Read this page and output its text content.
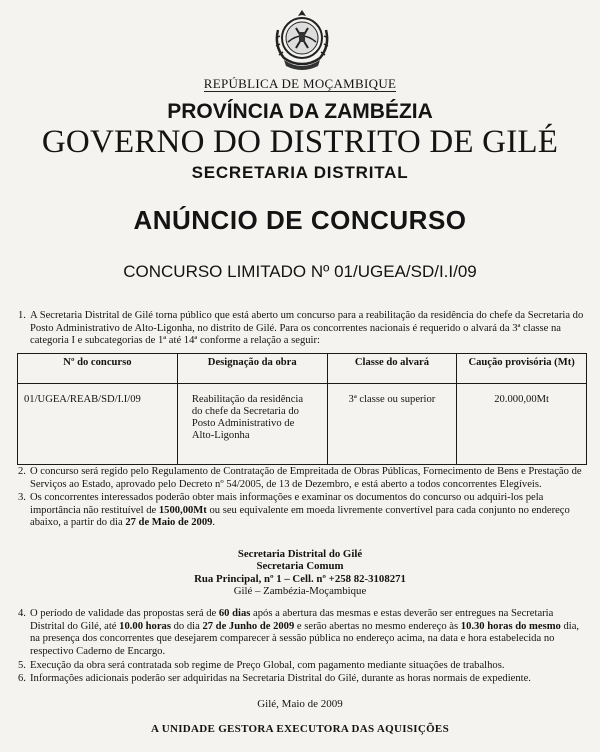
REPÚBLICA DE MOÇAMBIQUE
PROVÍNCIA DA ZAMBÉZIA
GOVERNO DO DISTRITO DE GILÉ
SECRETARIA DISTRITAL
ANÚNCIO DE CONCURSO
CONCURSO LIMITADO Nº 01/UGEA/SD/I.I/09
1. A Secretaria Distrital de Gilé torna público que está aberto um concurso para a reabilitação da residência do chefe da Secretaria do Posto Administrativo de Alto-Ligonha, no distrito de Gilé. Para os concorrentes nacionais é requerido o alvará da 3ª classe na categoria I e subcategorias de 1ª até 14ª conforme a relação a seguir:
Nº do concurso	Designação da obra	Classe do alvará	Caução provisória (Mt)
01/UGEA/REAB/SD/I.I/09	Reabilitação da residência do chefe da Secretaria do Posto Administrativo de Alto-Ligonha	3ª classe ou superior	20.000,00Mt
2. O concurso será regido pelo Regulamento de Contratação de Empreitada de Obras Públicas, Fornecimento de Bens e Prestação de Serviços ao Estado, aprovado pelo Decreto nº 54/2005, de 13 de Dezembro, e está aberto a todos concorrentes Elegíveis.
3. Os concorrentes interessados poderão obter mais informações e examinar os documentos do concurso ou adquiri-los pela importância não restituível de 1500,00Mt ou seu equivalente em moeda livremente convertível para cada conjunto no endereço abaixo, a partir do dia 27 de Maio de 2009.
Secretaria Distrital do Gilé
Secretaria Comum
Rua Principal, nº 1 – Cell. nº +258 82-3108271
Gilé – Zambézia-Moçambique
4. O período de validade das propostas será de 60 dias após a abertura das mesmas e estas deverão ser entregues na Secretaria Distrital do Gilé, até 10.00 horas do dia 27 de Junho de 2009 e serão abertas no mesmo endereço às 10.30 horas do mesmo dia, na presença dos concorrentes que desejarem comparecer à sessão pública no endereço acima, na data e hora estabelecida no respectivo Caderno de Encargo.
5. Execução da obra será contratada sob regime de Preço Global, com pagamento mediante situações de trabalhos.
6. Informações adicionais poderão ser adquiridas na Secretaria Distrital do Gilé, durante as horas normais de expediente.
Gilé, Maio de 2009
A UNIDADE GESTORA EXECUTORA DAS AQUISIÇÕES
